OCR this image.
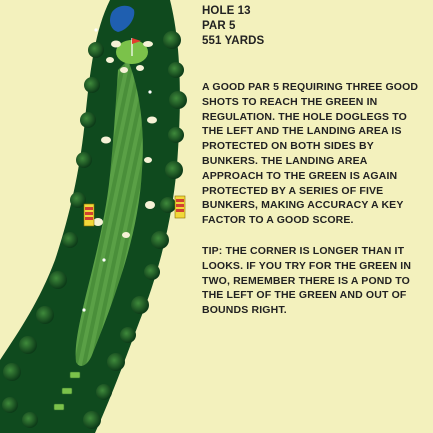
HOLE 13

PAR 5

551 YARDS

A GOOD PAR 5 REQUIRING THREE GOOD SHOTS TO REACH THE GREEN IN REGULATION. THE HOLE DOGLEGS TO THE LEFT AND THE LANDING AREA IS PROTECTED ON BOTH SIDES BY BUNKERS. THE LANDING AREA APPROACH TO THE GREEN IS AGAIN PROTECTED BY A SERIES OF FIVE BUNKERS, MAKING ACCURACY A KEY FACTOR TO A GOOD SCORE.

TIP: THE CORNER IS LONGER THAN IT LOOKS. IF YOU TRY FOR THE GREEN IN TWO, REMEMBER THERE IS A POND TO THE LEFT OF THE GREEN AND OUT OF BOUNDS RIGHT.
